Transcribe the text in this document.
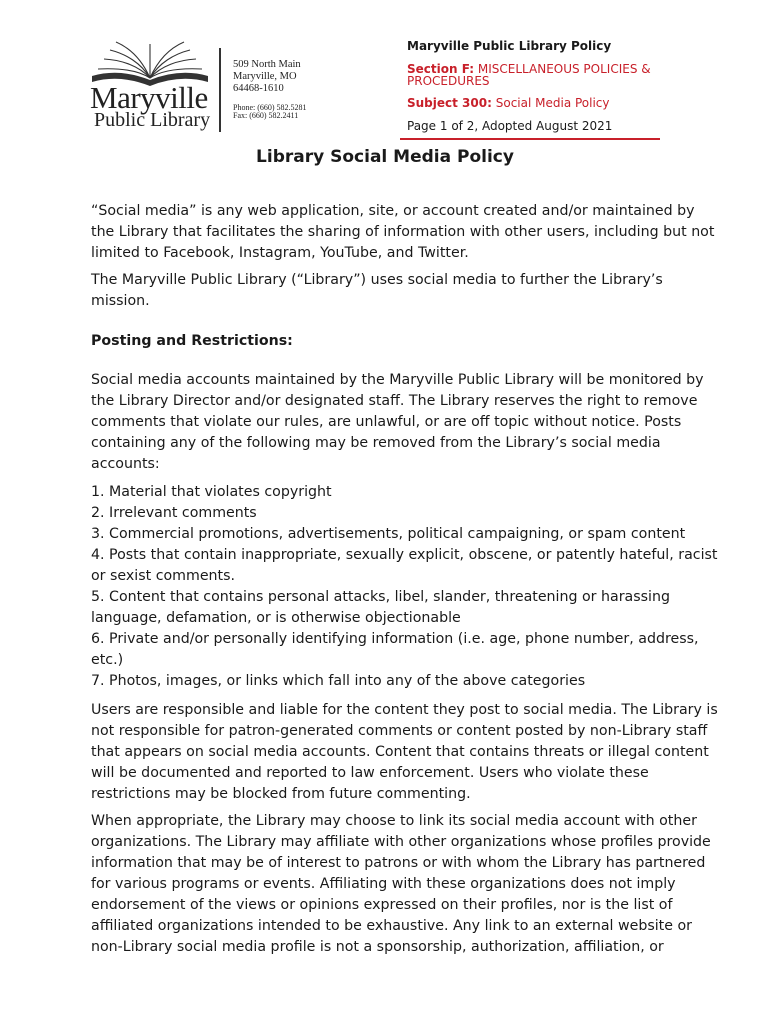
Maryville
Public Library
509 North Main
Maryville, MO
64468-1610
Phone: (660) 582.5281
Fax: (660) 582.2411
Maryville Public Library Policy
Section F: MISCELLANEOUS POLICIES &
PROCEDURES
Subject 300: Social Media Policy
Page 1 of 2, Adopted August 2021
Library Social Media Policy

“Social media” is any web application, site, or account created and/or maintained by the Library that facilitates the sharing of information with other users, including but not limited to Facebook, Instagram, YouTube, and Twitter.

The Maryville Public Library (“Library”) uses social media to further the Library’s mission.

Posting and Restrictions:

Social media accounts maintained by the Maryville Public Library will be monitored by the Library Director and/or designated staff. The Library reserves the right to remove comments that violate our rules, are unlawful, or are off topic without notice. Posts containing any of the following may be removed from the Library’s social media accounts:

1. Material that violates copyright
2. Irrelevant comments
3. Commercial promotions, advertisements, political campaigning, or spam content
4. Posts that contain inappropriate, sexually explicit, obscene, or patently hateful, racist or sexist comments.
5. Content that contains personal attacks, libel, slander, threatening or harassing language, defamation, or is otherwise objectionable
6. Private and/or personally identifying information (i.e. age, phone number, address, etc.)
7. Photos, images, or links which fall into any of the above categories

Users are responsible and liable for the content they post to social media. The Library is not responsible for patron-generated comments or content posted by non-Library staff that appears on social media accounts. Content that contains threats or illegal content will be documented and reported to law enforcement. Users who violate these restrictions may be blocked from future commenting.

When appropriate, the Library may choose to link its social media account with other organizations. The Library may affiliate with other organizations whose profiles provide information that may be of interest to patrons or with whom the Library has partnered for various programs or events. Affiliating with these organizations does not imply endorsement of the views or opinions expressed on their profiles, nor is the list of affiliated organizations intended to be exhaustive. Any link to an external website or non-Library social media profile is not a sponsorship, authorization, affiliation, or
